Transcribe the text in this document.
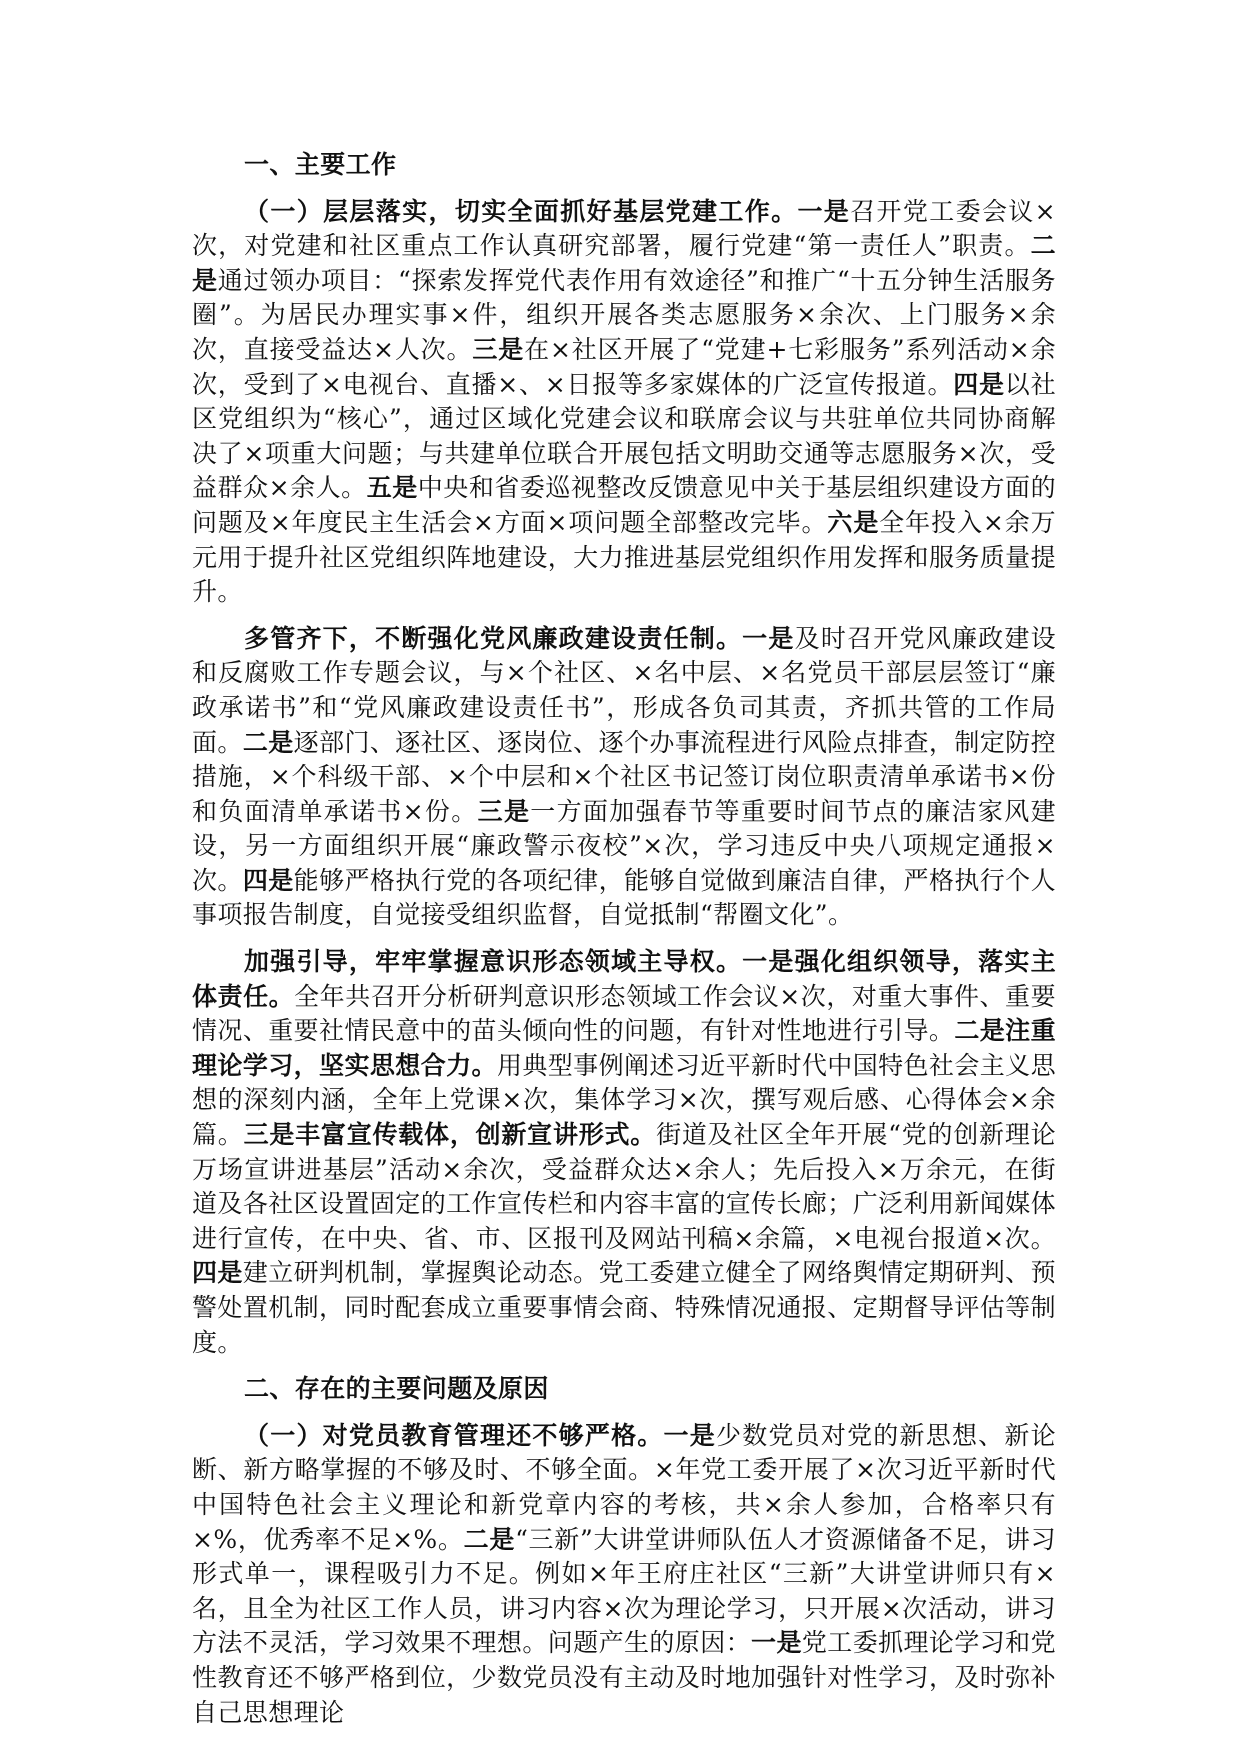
一、主要工作

（一）层层落实，切实全面抓好基层党建工作。一是召开党工委会议×次，对党建和社区重点工作认真研究部署，履行党建“第一责任人”职责。二是通过领办项目：“探索发挥党代表作用有效途径”和推广“十五分钟生活服务圈”。为居民办理实事×件，组织开展各类志愿服务×余次、上门服务×余次，直接受益达×人次。三是在×社区开展了“党建+七彩服务”系列活动×余次，受到了×电视台、直播×、×日报等多家媒体的广泛宣传报道。四是以社区党组织为“核心”，通过区域化党建会议和联席会议与共驻单位共同协商解决了×项重大问题；与共建单位联合开展包括文明助交通等志愿服务×次，受益群众×余人。五是中央和省委巡视整改反馈意见中关于基层组织建设方面的问题及×年度民主生活会×方面×项问题全部整改完毕。六是全年投入×余万元用于提升社区党组织阵地建设，大力推进基层党组织作用发挥和服务质量提升。

多管齐下，不断强化党风廉政建设责任制。一是及时召开党风廉政建设和反腐败工作专题会议，与×个社区、×名中层、×名党员干部层层签订“廉政承诺书”和“党风廉政建设责任书”，形成各负司其责，齐抓共管的工作局面。二是逐部门、逐社区、逐岗位、逐个办事流程进行风险点排查，制定防控措施，×个科级干部、×个中层和×个社区书记签订岗位职责清单承诺书×份和负面清单承诺书×份。三是一方面加强春节等重要时间节点的廉洁家风建设，另一方面组织开展“廉政警示夜校”×次，学习违反中央八项规定通报×次。四是能够严格执行党的各项纪律，能够自觉做到廉洁自律，严格执行个人事项报告制度，自觉接受组织监督，自觉抵制“帮圈文化”。

加强引导，牢牢掌握意识形态领域主导权。一是强化组织领导，落实主体责任。全年共召开分析研判意识形态领域工作会议×次，对重大事件、重要情况、重要社情民意中的苗头倾向性的问题，有针对性地进行引导。二是注重理论学习，坚实思想合力。用典型事例阐述习近平新时代中国特色社会主义思想的深刻内涵，全年上党课×次，集体学习×次，撰写观后感、心得体会×余篇。三是丰富宣传载体，创新宣讲形式。街道及社区全年开展“党的创新理论万场宣讲进基层”活动×余次，受益群众达×余人；先后投入×万余元，在街道及各社区设置固定的工作宣传栏和内容丰富的宣传长廊；广泛利用新闻媒体进行宣传，在中央、省、市、区报刊及网站刊稿×余篇，×电视台报道×次。四是建立研判机制，掌握舆论动态。党工委建立健全了网络舆情定期研判、预警处置机制，同时配套成立重要事情会商、特殊情况通报、定期督导评估等制度。

二、存在的主要问题及原因

（一）对党员教育管理还不够严格。一是少数党员对党的新思想、新论断、新方略掌握的不够及时、不够全面。×年党工委开展了×次习近平新时代中国特色社会主义理论和新党章内容的考核，共×余人参加，合格率只有×%，优秀率不足×%。二是“三新”大讲堂讲师队伍人才资源储备不足，讲习形式单一，课程吸引力不足。例如×年王府庄社区“三新”大讲堂讲师只有×名，且全为社区工作人员，讲习内容×次为理论学习，只开展×次活动，讲习方法不灵活，学习效果不理想。问题产生的原因：一是党工委抓理论学习和党性教育还不够严格到位，少数党员没有主动及时地加强针对性学习，及时弥补自己思想理论
